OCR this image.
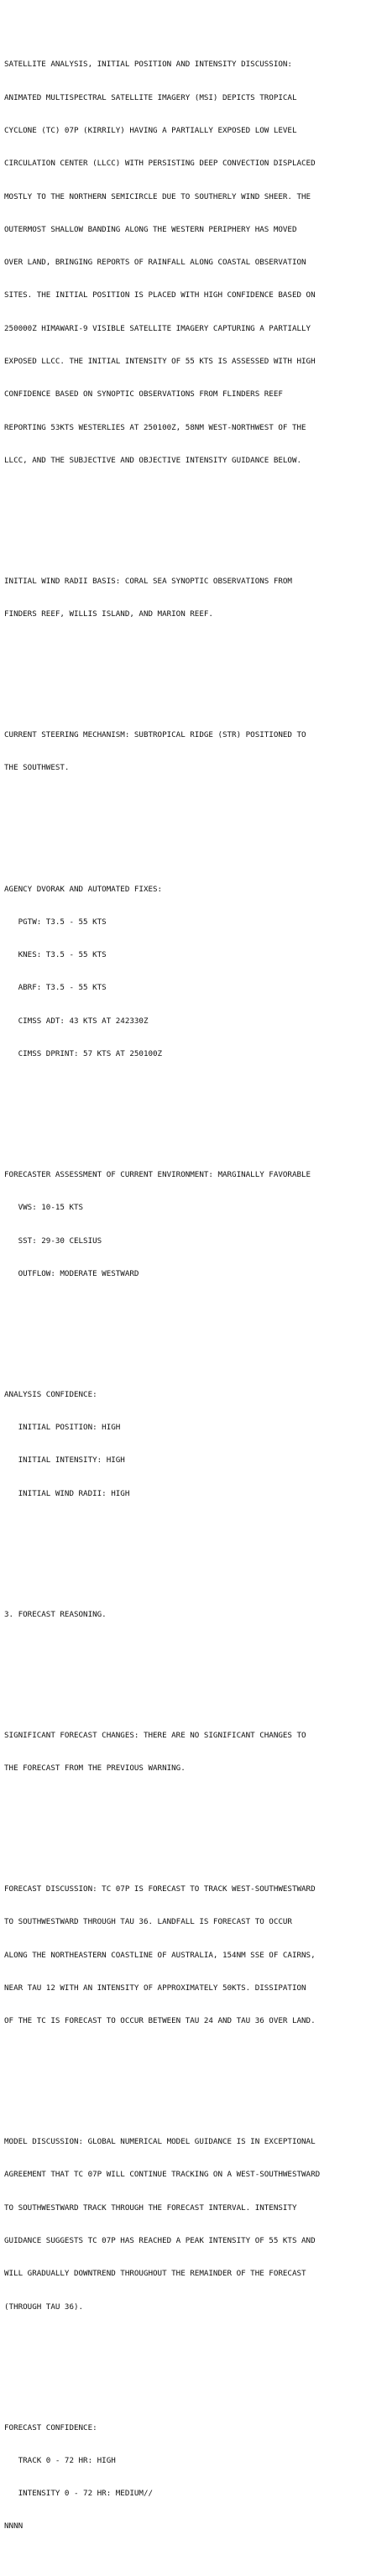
SATELLITE ANALYSIS, INITIAL POSITION AND INTENSITY DISCUSSION:

ANIMATED MULTISPECTRAL SATELLITE IMAGERY (MSI) DEPICTS TROPICAL

CYCLONE (TC) 07P (KIRRILY) HAVING A PARTIALLY EXPOSED LOW LEVEL

CIRCULATION CENTER (LLCC) WITH PERSISTING DEEP CONVECTION DISPLACED

MOSTLY TO THE NORTHERN SEMICIRCLE DUE TO SOUTHERLY WIND SHEER. THE

OUTERMOST SHALLOW BANDING ALONG THE WESTERN PERIPHERY HAS MOVED

OVER LAND, BRINGING REPORTS OF RAINFALL ALONG COASTAL OBSERVATION

SITES. THE INITIAL POSITION IS PLACED WITH HIGH CONFIDENCE BASED ON

250000Z HIMAWARI-9 VISIBLE SATELLITE IMAGERY CAPTURING A PARTIALLY

EXPOSED LLCC. THE INITIAL INTENSITY OF 55 KTS IS ASSESSED WITH HIGH

CONFIDENCE BASED ON SYNOPTIC OBSERVATIONS FROM FLINDERS REEF

REPORTING 53KTS WESTERLIES AT 250100Z, 58NM WEST-NORTHWEST OF THE

LLCC, AND THE SUBJECTIVE AND OBJECTIVE INTENSITY GUIDANCE BELOW.

INITIAL WIND RADII BASIS: CORAL SEA SYNOPTIC OBSERVATIONS FROM

FINDERS REEF, WILLIS ISLAND, AND MARION REEF.

CURRENT STEERING MECHANISM: SUBTROPICAL RIDGE (STR) POSITIONED TO

THE SOUTHWEST.

AGENCY DVORAK AND AUTOMATED FIXES:

PGTW: T3.5 - 55 KTS

KNES: T3.5 - 55 KTS

ABRF: T3.5 - 55 KTS

CIMSS ADT: 43 KTS AT 242330Z

CIMSS DPRINT: 57 KTS AT 250100Z

FORECASTER ASSESSMENT OF CURRENT ENVIRONMENT: MARGINALLY FAVORABLE

VWS: 10-15 KTS

SST: 29-30 CELSIUS

OUTFLOW: MODERATE WESTWARD

ANALYSIS CONFIDENCE:

INITIAL POSITION: HIGH

INITIAL INTENSITY: HIGH

INITIAL WIND RADII: HIGH

3. FORECAST REASONING.

SIGNIFICANT FORECAST CHANGES: THERE ARE NO SIGNIFICANT CHANGES TO

THE FORECAST FROM THE PREVIOUS WARNING.

FORECAST DISCUSSION: TC 07P IS FORECAST TO TRACK WEST-SOUTHWESTWARD

TO SOUTHWESTWARD THROUGH TAU 36. LANDFALL IS FORECAST TO OCCUR

ALONG THE NORTHEASTERN COASTLINE OF AUSTRALIA, 154NM SSE OF CAIRNS,

NEAR TAU 12 WITH AN INTENSITY OF APPROXIMATELY 50KTS. DISSIPATION

OF THE TC IS FORECAST TO OCCUR BETWEEN TAU 24 AND TAU 36 OVER LAND.

MODEL DISCUSSION: GLOBAL NUMERICAL MODEL GUIDANCE IS IN EXCEPTIONAL

AGREEMENT THAT TC 07P WILL CONTINUE TRACKING ON A WEST-SOUTHWESTWARD

TO SOUTHWESTWARD TRACK THROUGH THE FORECAST INTERVAL. INTENSITY

GUIDANCE SUGGESTS TC 07P HAS REACHED A PEAK INTENSITY OF 55 KTS AND

WILL GRADUALLY DOWNTREND THROUGHOUT THE REMAINDER OF THE FORECAST

(THROUGH TAU 36).

FORECAST CONFIDENCE:

TRACK 0 - 72 HR: HIGH

INTENSITY 0 - 72 HR: MEDIUM//

NNNN
